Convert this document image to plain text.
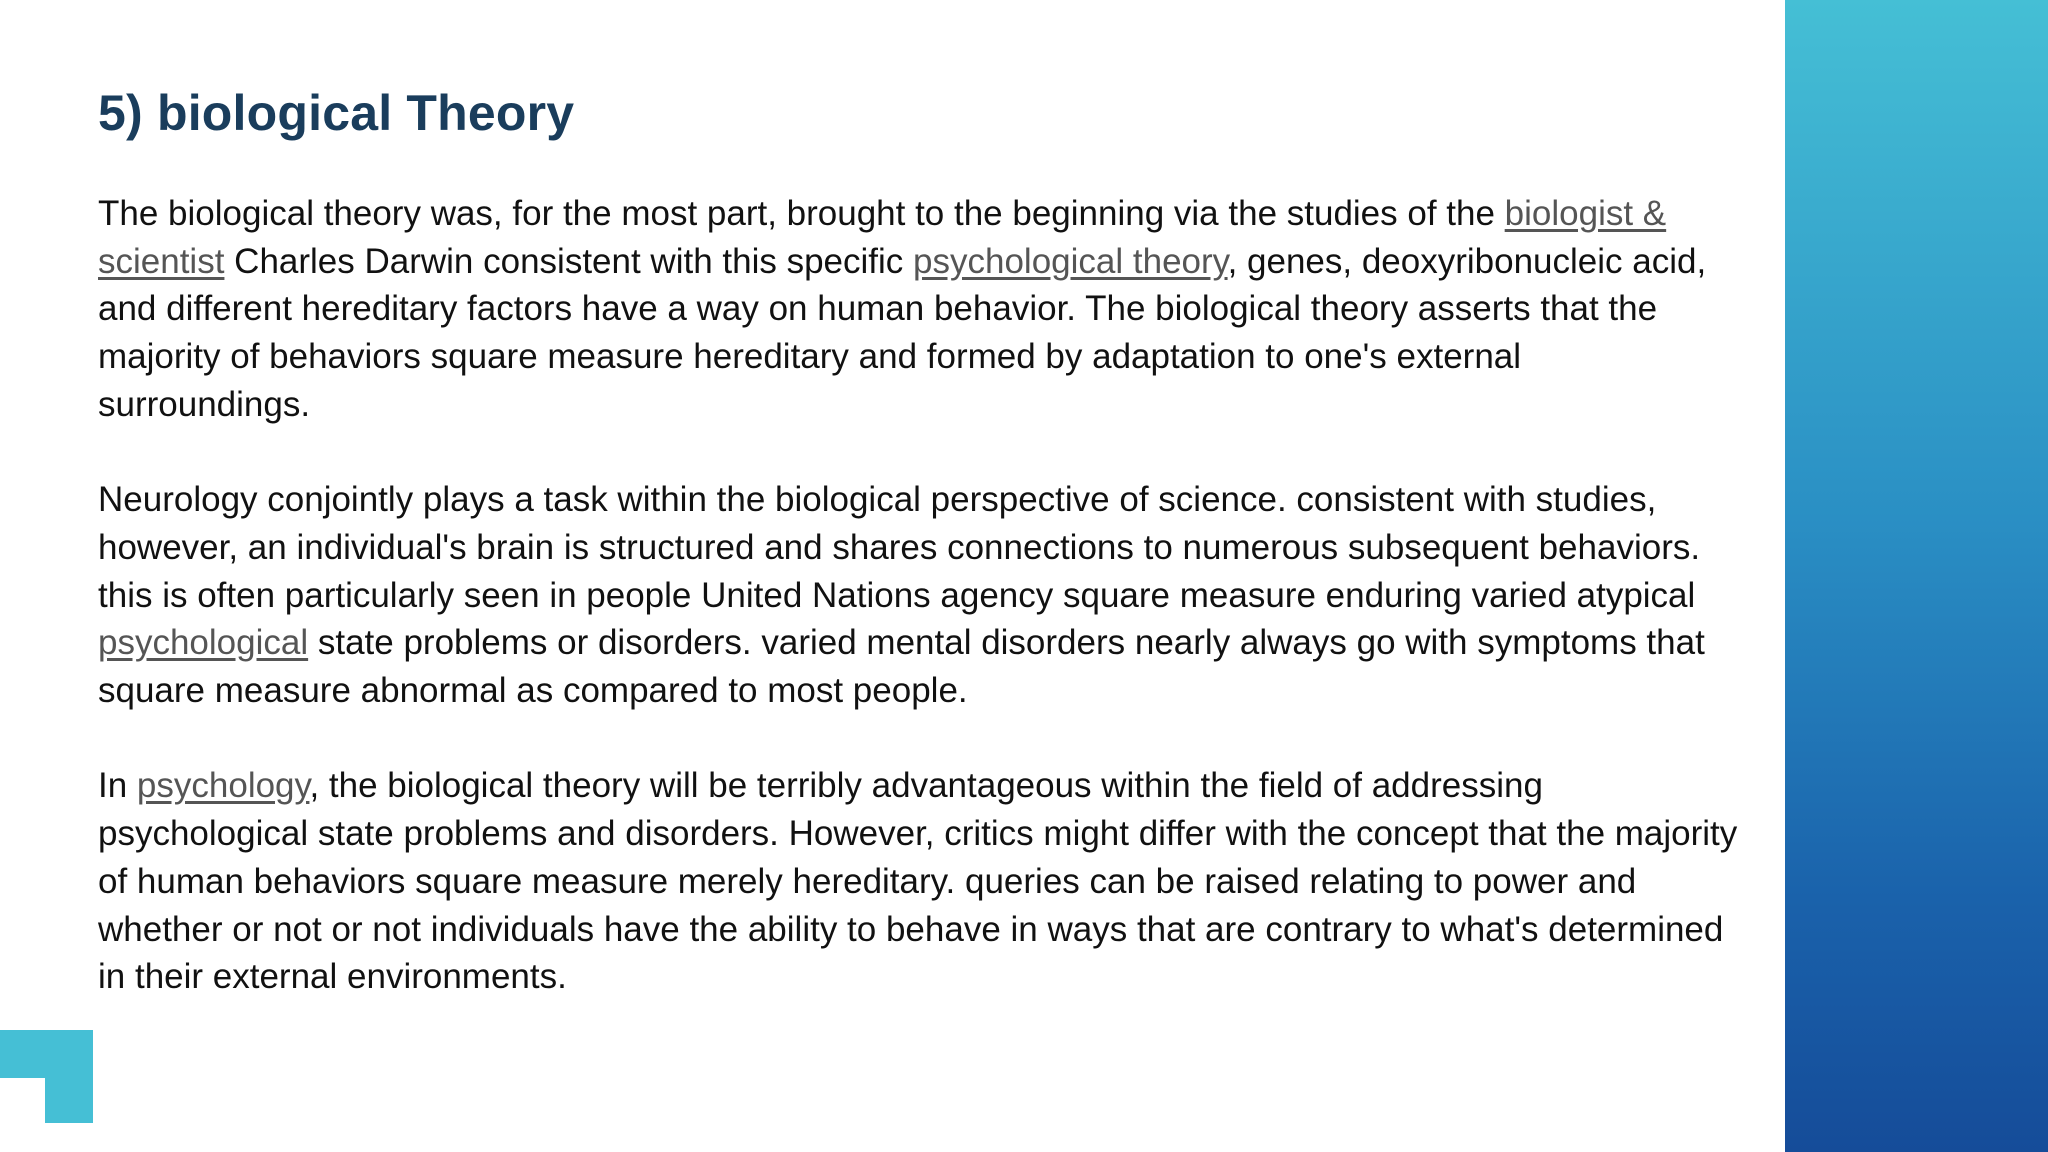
5) biological Theory

The biological theory was, for the most part, brought to the beginning via the studies of the biologist & scientist Charles Darwin consistent with this specific psychological theory, genes, deoxyribonucleic acid, and different hereditary factors have a way on human behavior. The biological theory asserts that the majority of behaviors square measure hereditary and formed by adaptation to one's external surroundings.

Neurology conjointly plays a task within the biological perspective of science. consistent with studies, however, an individual's brain is structured and shares connections to numerous subsequent behaviors. this is often particularly seen in people United Nations agency square measure enduring varied atypical psychological state problems or disorders. varied mental disorders nearly always go with symptoms that square measure abnormal as compared to most people.

In psychology, the biological theory will be terribly advantageous within the field of addressing psychological state problems and disorders. However, critics might differ with the concept that the majority of human behaviors square measure merely hereditary. queries can be raised relating to power and whether or not or not individuals have the ability to behave in ways that are contrary to what's determined in their external environments.
